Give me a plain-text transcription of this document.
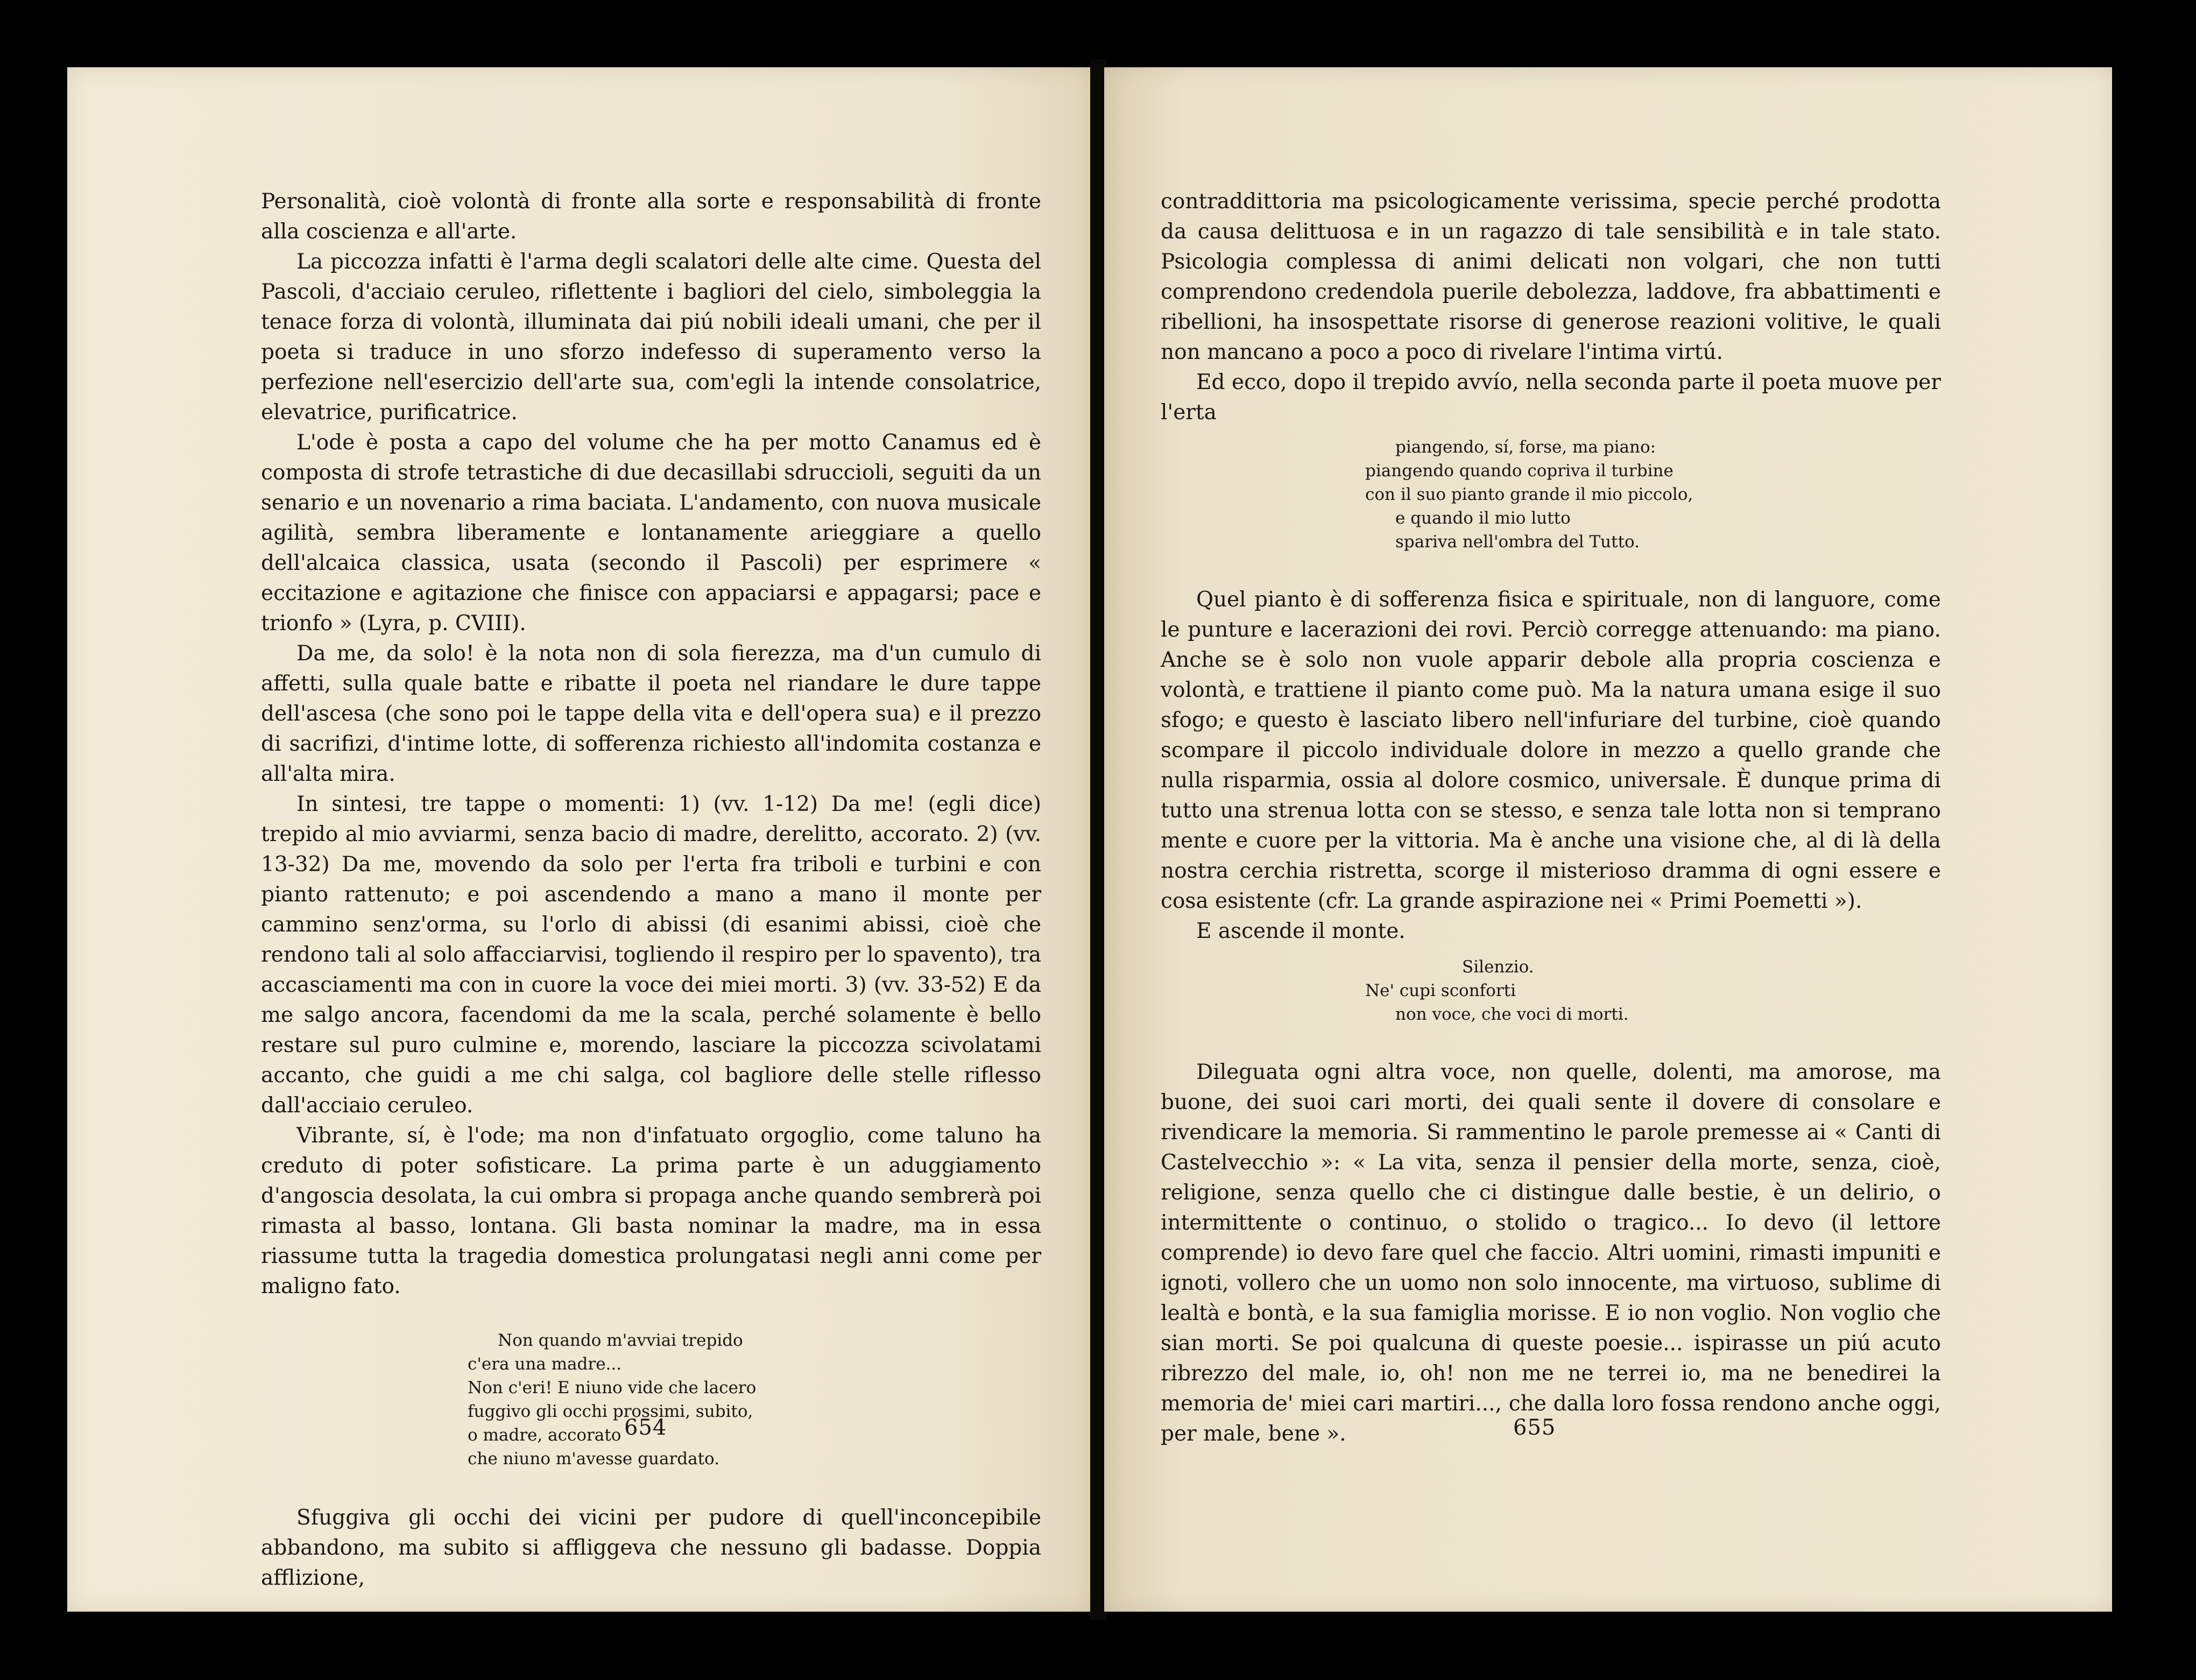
Personalità, cioè volontà di fronte alla sorte e responsabilità di fronte alla coscienza e all'arte.

La piccozza infatti è l'arma degli scalatori delle alte cime. Questa del Pascoli, d'acciaio ceruleo, riflettente i bagliori del cielo, simboleggia la tenace forza di volontà, illuminata dai piú nobili ideali umani, che per il poeta si traduce in uno sforzo indefesso di superamento verso la perfezione nell'esercizio dell'arte sua, com'egli la intende consolatrice, elevatrice, purificatrice.

L'ode è posta a capo del volume che ha per motto Canamus ed è composta di strofe tetrastiche di due decasillabi sdruccioli, seguiti da un senario e un novenario a rima baciata. L'andamento, con nuova musicale agilità, sembra liberamente e lontanamente arieggiare a quello dell'alcaica classica, usata (secondo il Pascoli) per esprimere « eccitazione e agitazione che finisce con appaciarsi e appagarsi; pace e trionfo » (Lyra, p. CVIII).

Da me, da solo! è la nota non di sola fierezza, ma d'un cumulo di affetti, sulla quale batte e ribatte il poeta nel riandare le dure tappe dell'ascesa (che sono poi le tappe della vita e dell'opera sua) e il prezzo di sacrifizi, d'intime lotte, di sofferenza richiesto all'indomita costanza e all'alta mira.

In sintesi, tre tappe o momenti: 1) (vv. 1-12) Da me! (egli dice) trepido al mio avviarmi, senza bacio di madre, derelitto, accorato. 2) (vv. 13-32) Da me, movendo da solo per l'erta fra triboli e turbini e con pianto rattenuto; e poi ascendendo a mano a mano il monte per cammino senz'orma, su l'orlo di abissi (di esanimi abissi, cioè che rendono tali al solo affacciarvisi, togliendo il respiro per lo spavento), tra accasciamenti ma con in cuore la voce dei miei morti. 3) (vv. 33-52) E da me salgo ancora, facendomi da me la scala, perché solamente è bello restare sul puro culmine e, morendo, lasciare la piccozza scivolatami accanto, che guidi a me chi salga, col bagliore delle stelle riflesso dall'acciaio ceruleo.

Vibrante, sí, è l'ode; ma non d'infatuato orgoglio, come taluno ha creduto di poter sofisticare. La prima parte è un aduggiamento d'angoscia desolata, la cui ombra si propaga anche quando sembrerà poi rimasta al basso, lontana. Gli basta nominar la madre, ma in essa riassume tutta la tragedia domestica prolungatasi negli anni come per maligno fato.

Non quando m'avviai trepido
c'era una madre...
Non c'eri! E niuno vide che lacero
fuggivo gli occhi prossimi, subito,
o madre, accorato
che niuno m'avesse guardato.

Sfuggiva gli occhi dei vicini per pudore di quell'inconcepibile abbandono, ma subito si affliggeva che nessuno gli badasse. Doppia afflizione,

654

contraddittoria ma psicologicamente verissima, specie perché prodotta da causa delittuosa e in un ragazzo di tale sensibilità e in tale stato. Psicologia complessa di animi delicati non volgari, che non tutti comprendono credendola puerile debolezza, laddove, fra abbattimenti e ribellioni, ha insospettate risorse di generose reazioni volitive, le quali non mancano a poco a poco di rivelare l'intima virtú.

Ed ecco, dopo il trepido avvío, nella seconda parte il poeta muove per l'erta

piangendo, sí, forse, ma piano:
piangendo quando copriva il turbine
con il suo pianto grande il mio piccolo,
e quando il mio lutto
spariva nell'ombra del Tutto.

Quel pianto è di sofferenza fisica e spirituale, non di languore, come le punture e lacerazioni dei rovi. Perciò corregge attenuando: ma piano. Anche se è solo non vuole apparir debole alla propria coscienza e volontà, e trattiene il pianto come può. Ma la natura umana esige il suo sfogo; e questo è lasciato libero nell'infuriare del turbine, cioè quando scompare il piccolo individuale dolore in mezzo a quello grande che nulla risparmia, ossia al dolore cosmico, universale. È dunque prima di tutto una strenua lotta con se stesso, e senza tale lotta non si temprano mente e cuore per la vittoria. Ma è anche una visione che, al di là della nostra cerchia ristretta, scorge il misterioso dramma di ogni essere e cosa esistente (cfr. La grande aspirazione nei « Primi Poemetti »).

E ascende il monte.

Silenzio.
Ne' cupi sconforti
non voce, che voci di morti.

Dileguata ogni altra voce, non quelle, dolenti, ma amorose, ma buone, dei suoi cari morti, dei quali sente il dovere di consolare e rivendicare la memoria. Si rammentino le parole premesse ai « Canti di Castelvecchio »: « La vita, senza il pensier della morte, senza, cioè, religione, senza quello che ci distingue dalle bestie, è un delirio, o intermittente o continuo, o stolido o tragico... Io devo (il lettore comprende) io devo fare quel che faccio. Altri uomini, rimasti impuniti e ignoti, vollero che un uomo non solo innocente, ma virtuoso, sublime di lealtà e bontà, e la sua famiglia morisse. E io non voglio. Non voglio che sian morti. Se poi qualcuna di queste poesie... ispirasse un piú acuto ribrezzo del male, io, oh! non me ne terrei io, ma ne benedirei la memoria de' miei cari martiri..., che dalla loro fossa rendono anche oggi, per male, bene ».	655
